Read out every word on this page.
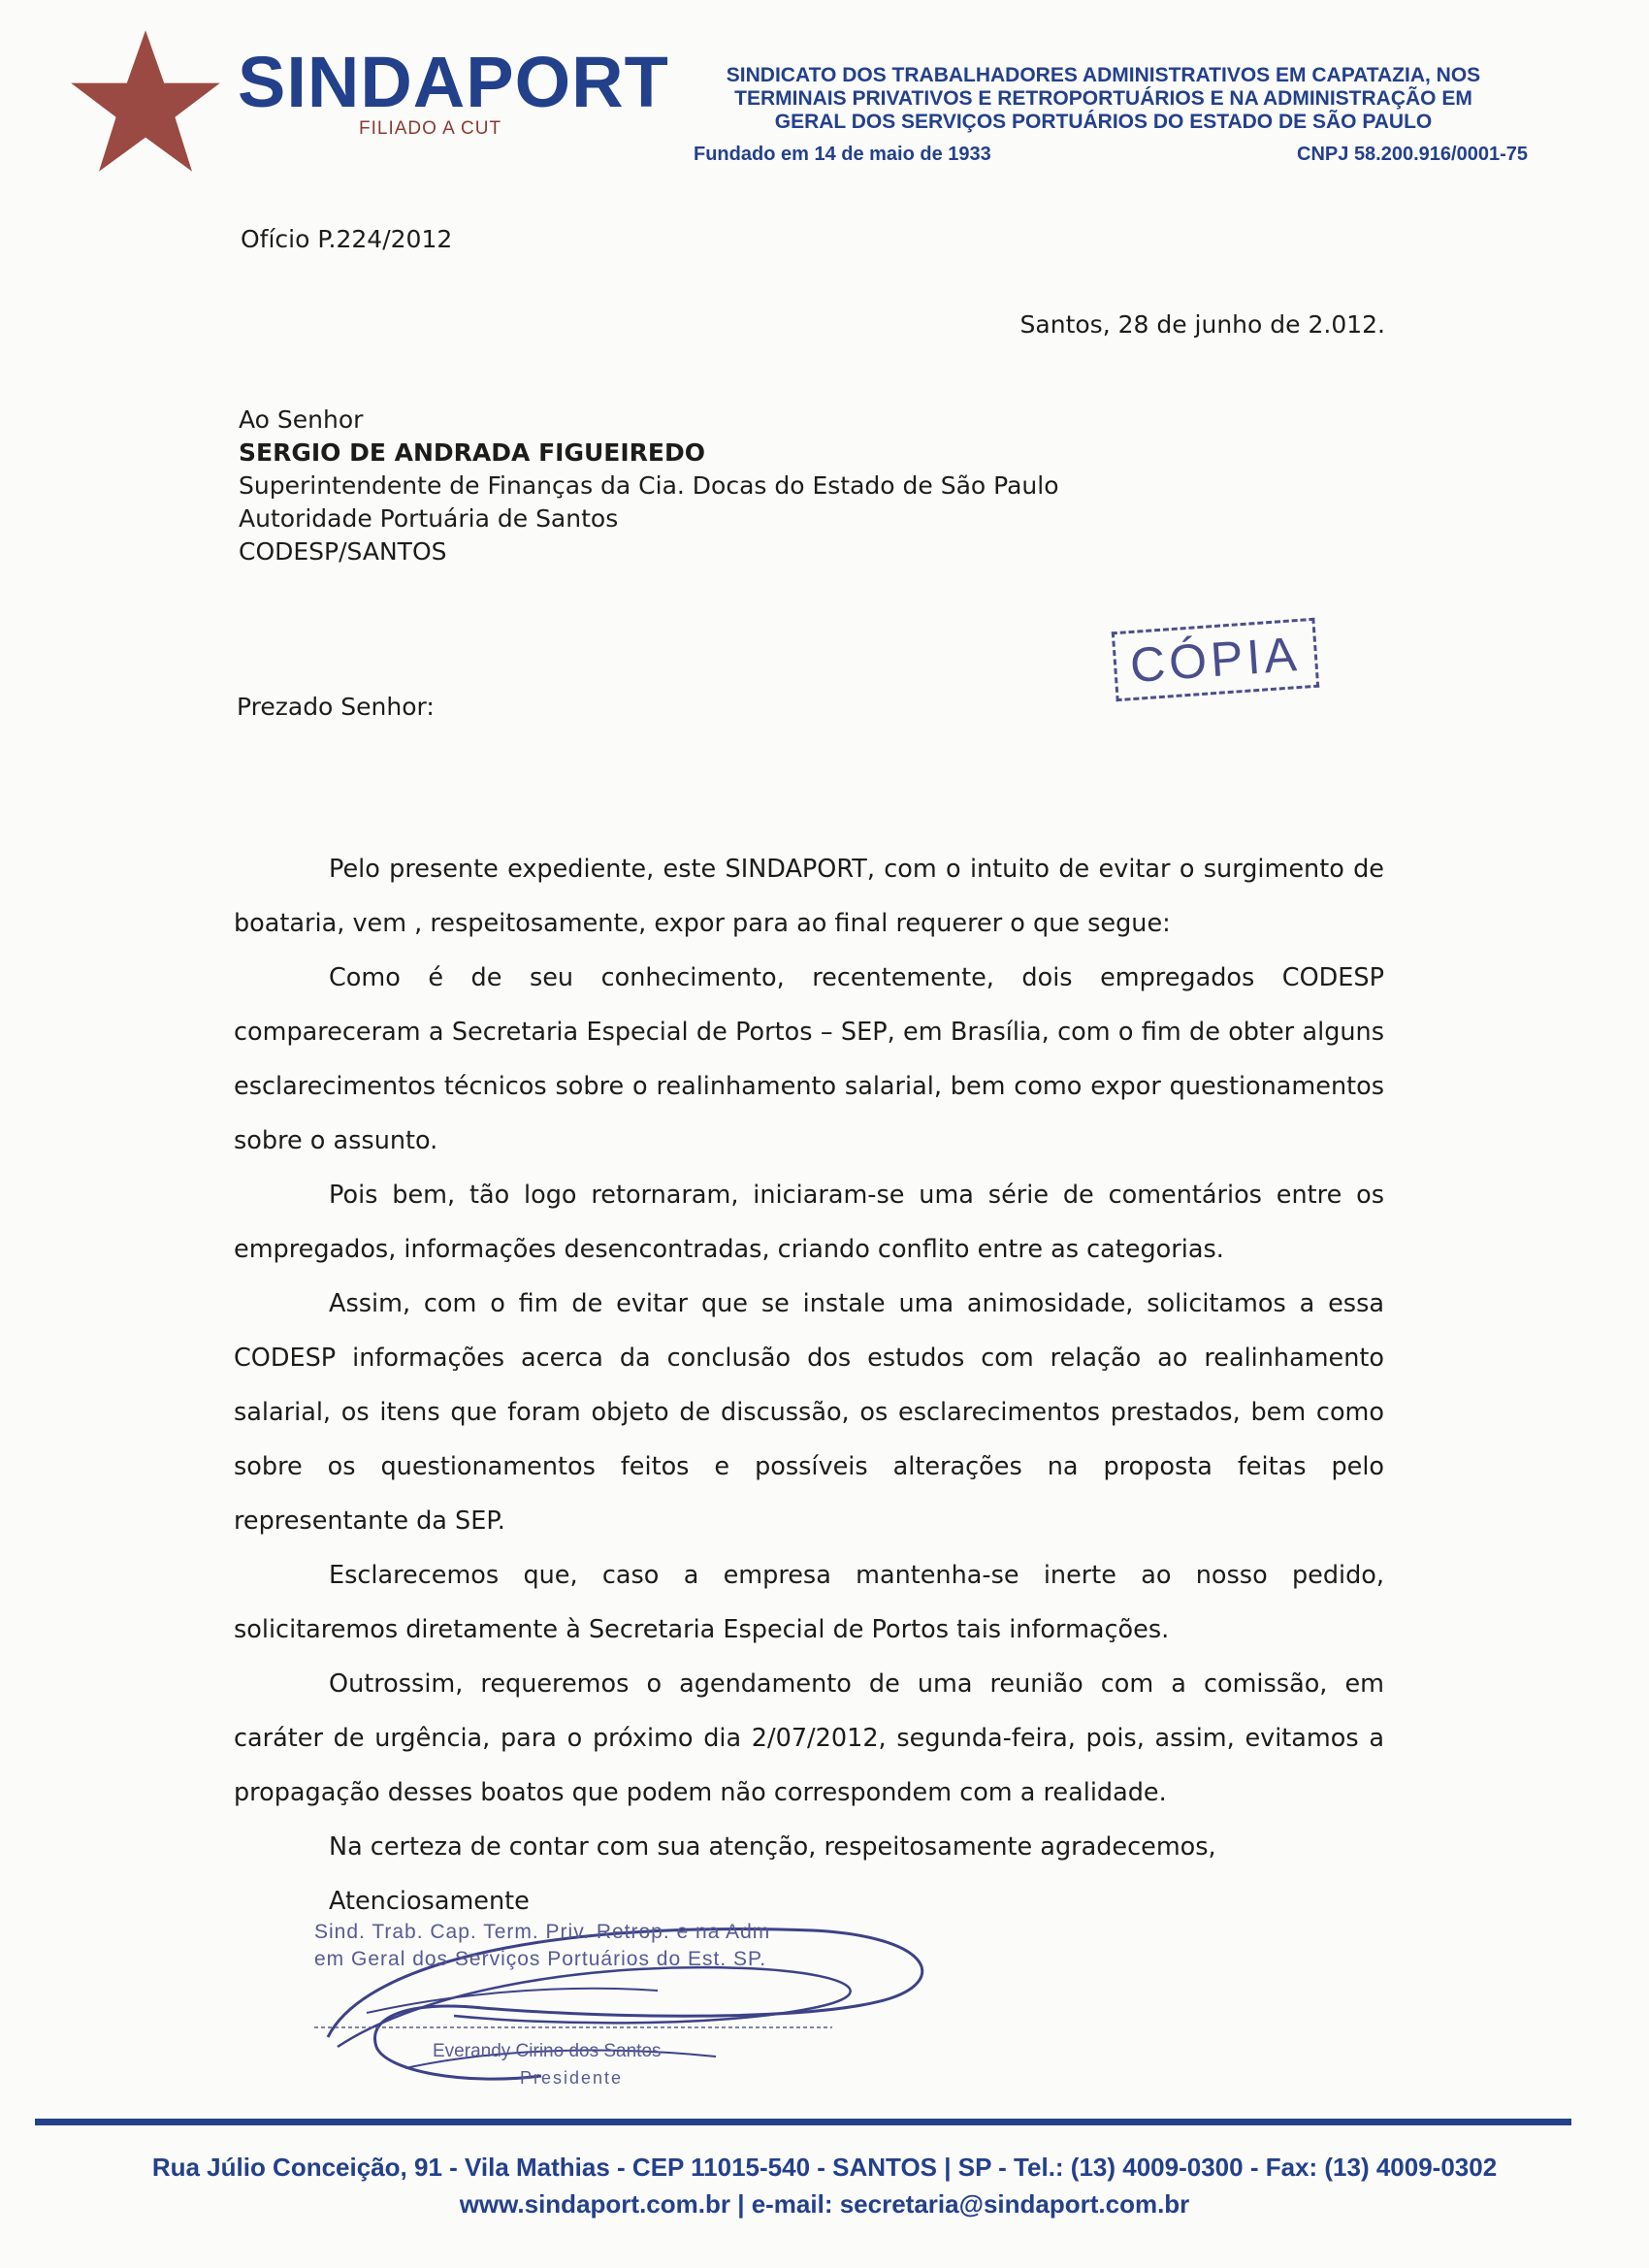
SINDAPORT
FILIADO A CUT
SINDICATO DOS TRABALHADORES ADMINISTRATIVOS EM CAPATAZIA, NOS
TERMINAIS PRIVATIVOS E RETROPORTUÁRIOS E NA ADMINISTRAÇÃO EM
GERAL DOS SERVIÇOS PORTUÁRIOS DO ESTADO DE SÃO PAULO
Fundado em 14 de maio de 1933	CNPJ 58.200.916/0001-75
Ofício P.224/2012
Santos, 28 de junho de 2.012.
Ao Senhor
SERGIO DE ANDRADA FIGUEIREDO
Superintendente de Finanças da Cia. Docas do Estado de São Paulo
Autoridade Portuária de Santos
CODESP/SANTOS
CÓPIA
Prezado Senhor:

Pelo presente expediente, este SINDAPORT, com o intuito de evitar o surgimento de boataria, vem , respeitosamente, expor para ao final requerer o que segue:

Como é de seu conhecimento, recentemente, dois empregados CODESP compareceram a Secretaria Especial de Portos – SEP, em Brasília, com o fim de obter alguns esclarecimentos técnicos sobre o realinhamento salarial, bem como expor questionamentos sobre o assunto.

Pois bem, tão logo retornaram, iniciaram-se uma série de comentários entre os empregados, informações desencontradas, criando conflito entre as categorias.

Assim, com o fim de evitar que se instale uma animosidade, solicitamos a essa CODESP informações acerca da conclusão dos estudos com relação ao realinhamento salarial, os itens que foram objeto de discussão, os esclarecimentos prestados, bem como sobre os questionamentos feitos e possíveis alterações na proposta feitas pelo representante da SEP.

Esclarecemos que, caso a empresa mantenha-se inerte ao nosso pedido, solicitaremos diretamente à Secretaria Especial de Portos tais informações.

Outrossim, requeremos o agendamento de uma reunião com a comissão, em caráter de urgência, para o próximo dia 2/07/2012, segunda-feira, pois, assim, evitamos a propagação desses boatos que podem não correspondem com a realidade.

Na certeza de contar com sua atenção, respeitosamente agradecemos,

Atenciosamente

Sind. Trab. Cap. Term. Priv. Retrop. e na Adm
em Geral dos Serviços Portuários do Est. SP.
Everandy Cirino dos Santos
Presidente
Rua Júlio Conceição, 91 - Vila Mathias - CEP 11015-540 - SANTOS | SP - Tel.: (13) 4009-0300 - Fax: (13) 4009-0302
www.sindaport.com.br | e-mail: secretaria@sindaport.com.br
